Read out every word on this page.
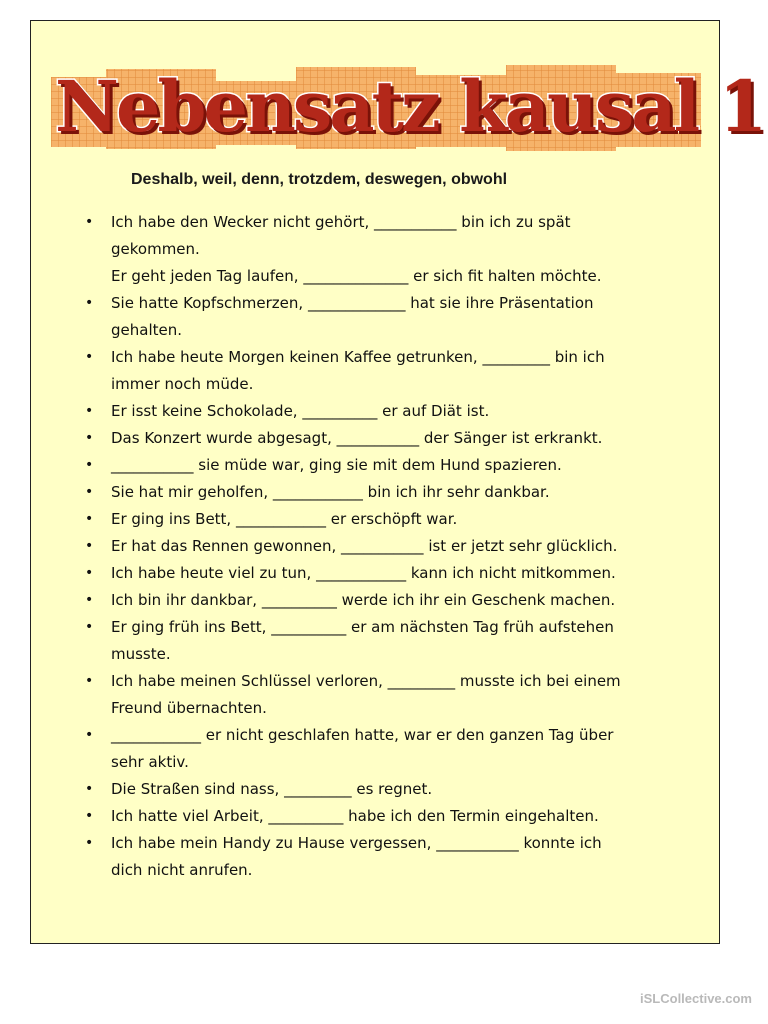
Nebensatz kausal 1
Deshalb, weil, denn, trotzdem, deswegen, obwohl
• Ich habe den Wecker nicht gehört, ___________ bin ich zu spät
gekommen.
Er geht jeden Tag laufen, ______________ er sich fit halten möchte.
• Sie hatte Kopfschmerzen, _____________ hat sie ihre Präsentation
gehalten.
• Ich habe heute Morgen keinen Kaffee getrunken, _________ bin ich
immer noch müde.
• Er isst keine Schokolade, __________ er auf Diät ist.
• Das Konzert wurde abgesagt, ___________ der Sänger ist erkrankt.
• ___________ sie müde war, ging sie mit dem Hund spazieren.
• Sie hat mir geholfen, ____________ bin ich ihr sehr dankbar.
• Er ging ins Bett, ____________ er erschöpft war.
• Er hat das Rennen gewonnen, ___________ ist er jetzt sehr glücklich.
• Ich habe heute viel zu tun, ____________ kann ich nicht mitkommen.
• Ich bin ihr dankbar, __________ werde ich ihr ein Geschenk machen.
• Er ging früh ins Bett, __________ er am nächsten Tag früh aufstehen
musste.
• Ich habe meinen Schlüssel verloren, _________ musste ich bei einem
Freund übernachten.
• ____________ er nicht geschlafen hatte, war er den ganzen Tag über
sehr aktiv.
• Die Straßen sind nass, _________ es regnet.
• Ich hatte viel Arbeit, __________ habe ich den Termin eingehalten.
• Ich habe mein Handy zu Hause vergessen, ___________ konnte ich
dich nicht anrufen.
iSLCollective.com
